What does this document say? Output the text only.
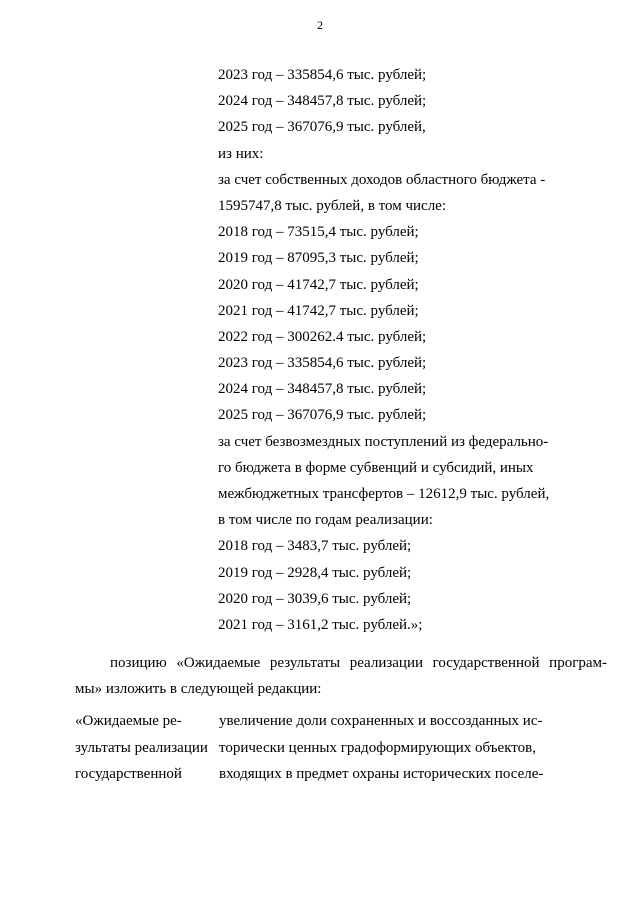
2
2023 год – 335854,6 тыс. рублей;
2024 год – 348457,8 тыс. рублей;
2025 год – 367076,9 тыс. рублей,
из них:
за счет собственных доходов областного бюджета -
1595747,8 тыс. рублей, в том числе:
2018 год – 73515,4 тыс. рублей;
2019 год – 87095,3 тыс. рублей;
2020 год – 41742,7 тыс. рублей;
2021 год – 41742,7 тыс. рублей;
2022 год – 300262.4 тыс. рублей;
2023 год – 335854,6 тыс. рублей;
2024 год – 348457,8 тыс. рублей;
2025 год – 367076,9 тыс. рублей;
за счет безвозмездных поступлений из федерально-
го бюджета в форме субвенций и субсидий, иных
межбюджетных трансфертов – 12612,9 тыс. рублей,
в том числе по годам реализации:
2018 год – 3483,7 тыс. рублей;
2019 год – 2928,4 тыс. рублей;
2020 год – 3039,6 тыс. рублей;
2021 год – 3161,2 тыс. рублей.»;
позицию «Ожидаемые результаты реализации государственной програм-
мы» изложить в следующей редакции:
«Ожидаемые ре-
зультаты реализации
государственной
увеличение доли сохраненных и воссозданных ис-
торически ценных градоформирующих объектов,
входящих в предмет охраны исторических поселе-
